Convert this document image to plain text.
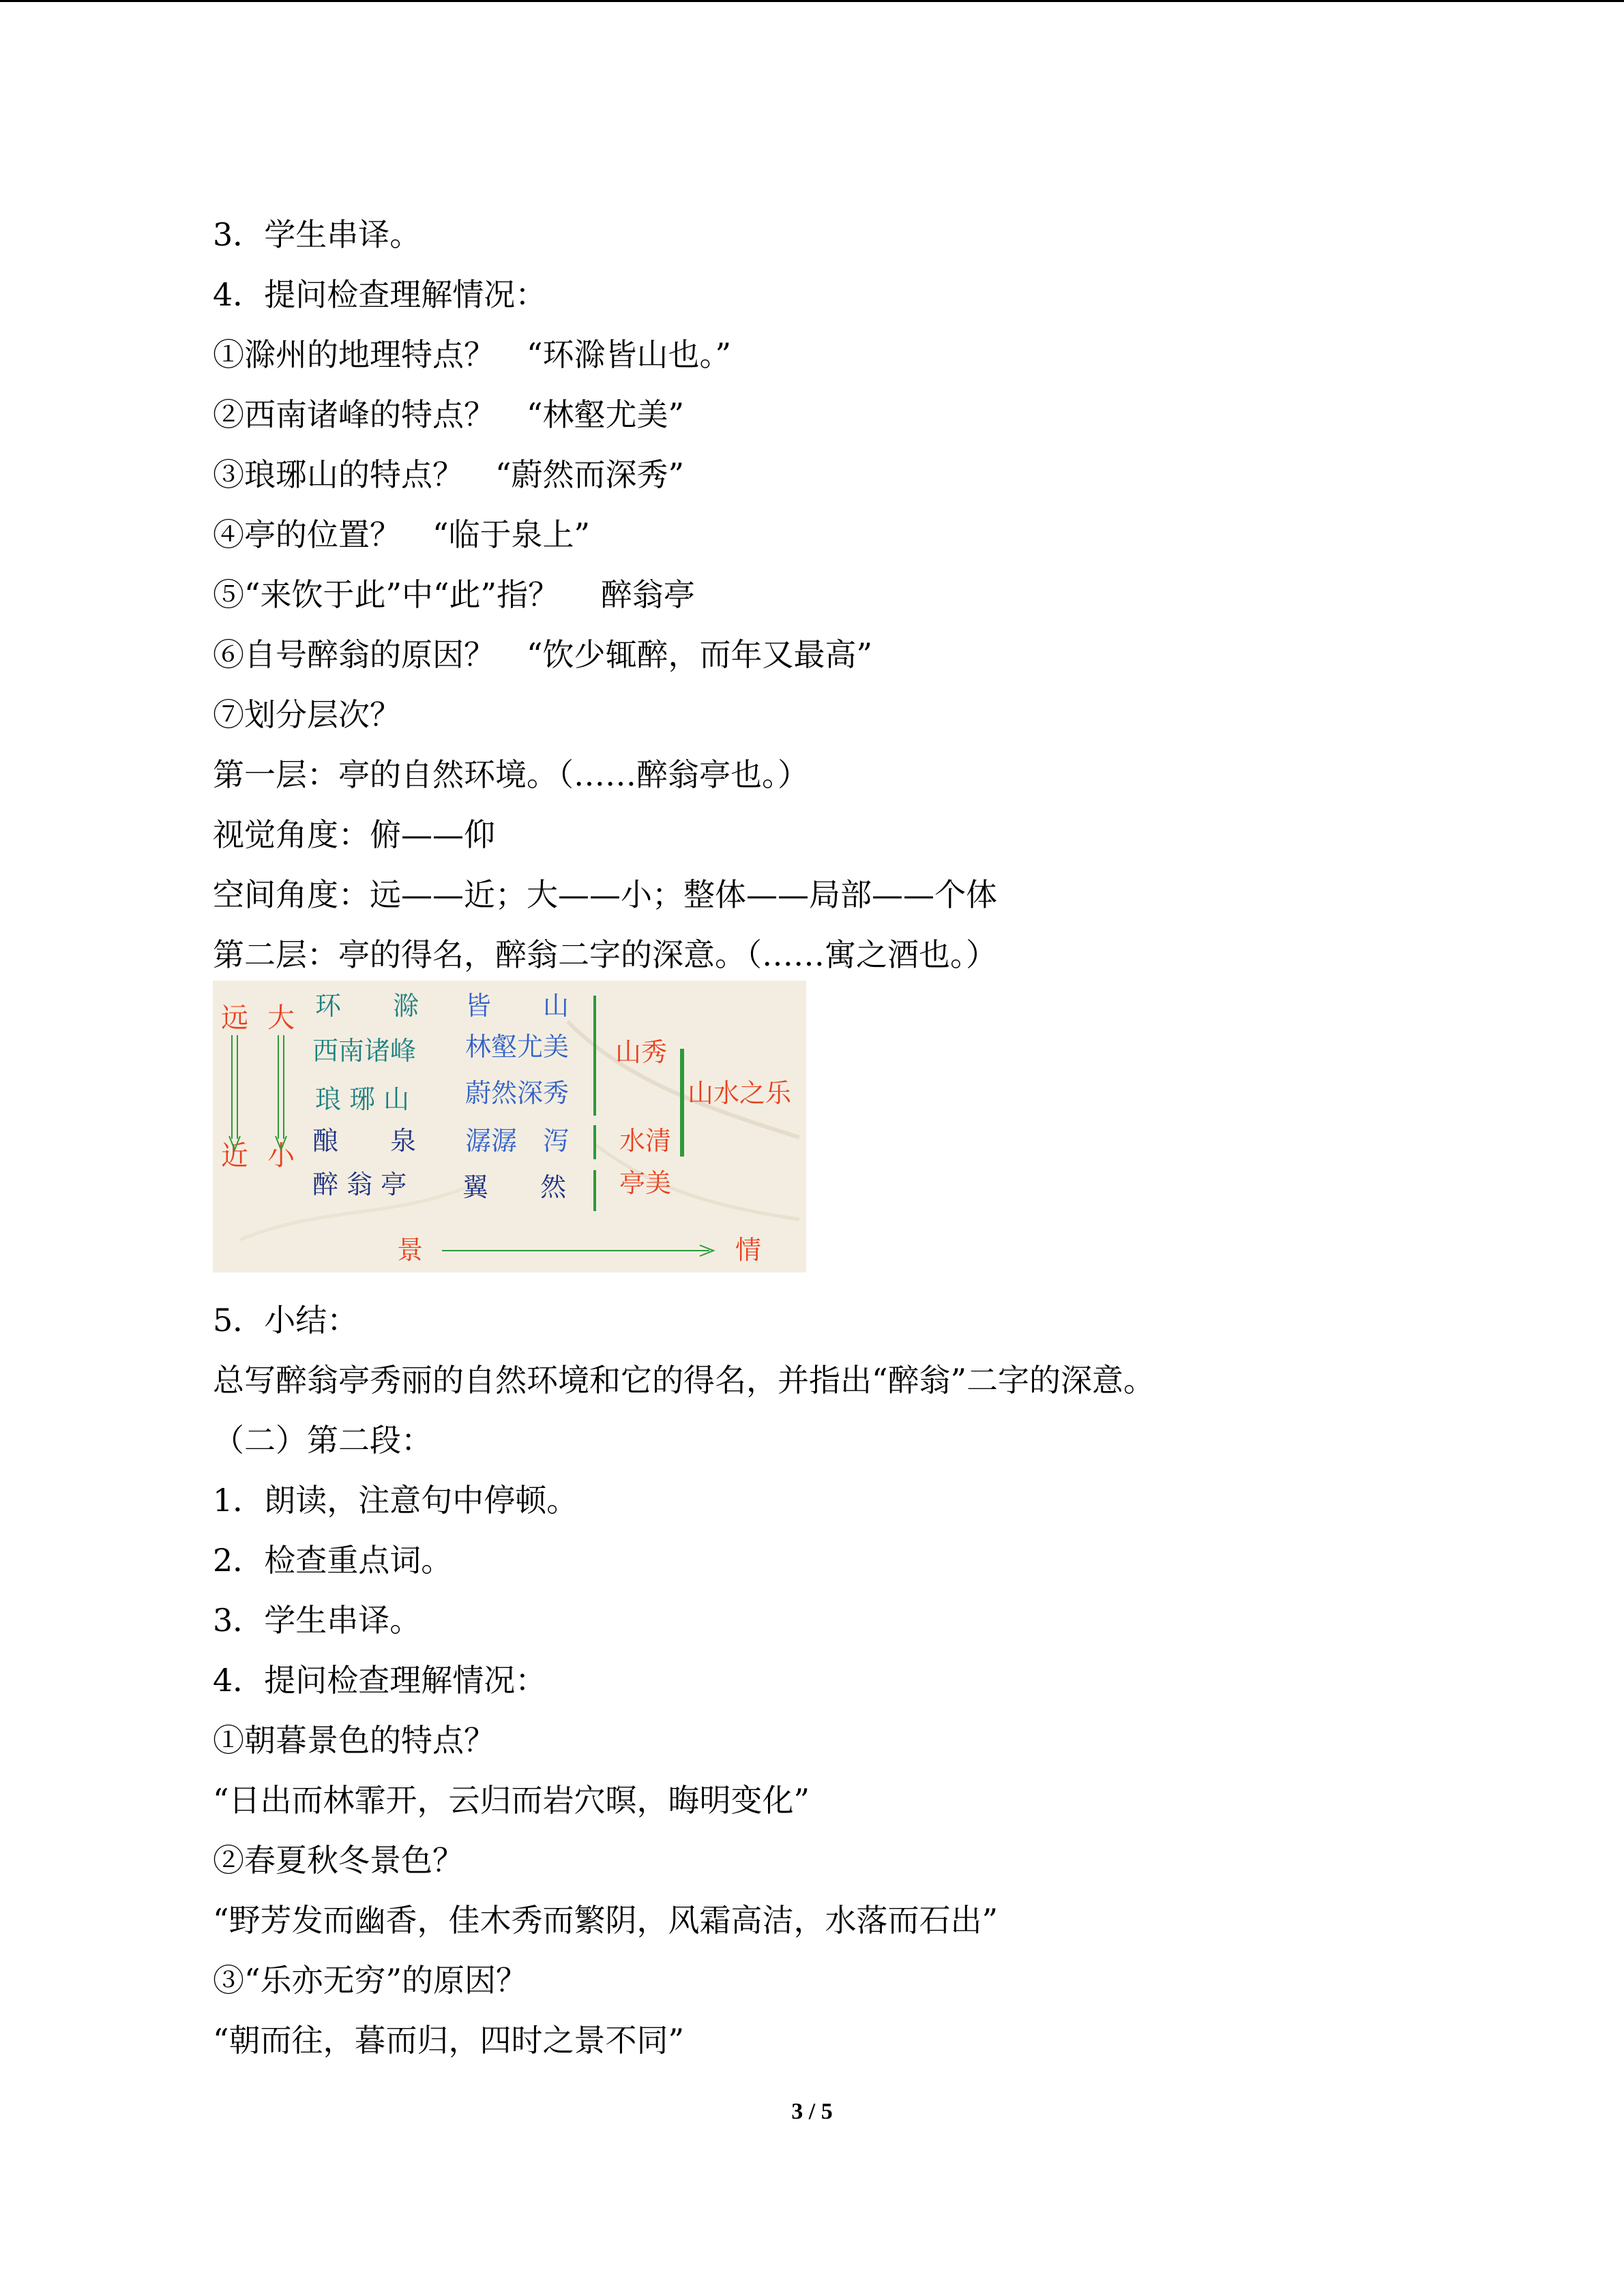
3．学生串译。
4．提问检查理解情况：
①滁州的地理特点？　“环滁皆山也。”
②西南诸峰的特点？　“林壑尤美”
③琅琊山的特点？　“蔚然而深秀”
④亭的位置？　“临于泉上”
⑤“来饮于此”中“此”指？　 醉翁亭
⑥自号醉翁的原因？　“饮少辄醉，而年又最高”
⑦划分层次？
第一层：亭的自然环境。（……醉翁亭也。）
视觉角度：俯——仰
空间角度：远——近；大——小；整体——局部——个体
第二层：亭的得名，醉翁二字的深意。（……寓之酒也。）
远
近
大
小
环　　滁
西南诸峰
琅 琊 山
酿　　泉
醉 翁 亭
皆　　山
林壑尤美
蔚然深秀
潺潺　泻
翼　　然
山秀
水清
亭美
山水之乐
景	情
5．小结：
总写醉翁亭秀丽的自然环境和它的得名，并指出“醉翁”二字的深意。
（二）第二段：
1．朗读，注意句中停顿。
2．检查重点词。
3．学生串译。
4．提问检查理解情况：
①朝暮景色的特点？
“日出而林霏开，云归而岩穴暝，晦明变化”
②春夏秋冬景色？
“野芳发而幽香，佳木秀而繁阴，风霜高洁，水落而石出”
③“乐亦无穷”的原因？
“朝而往，暮而归，四时之景不同”
3 / 5
